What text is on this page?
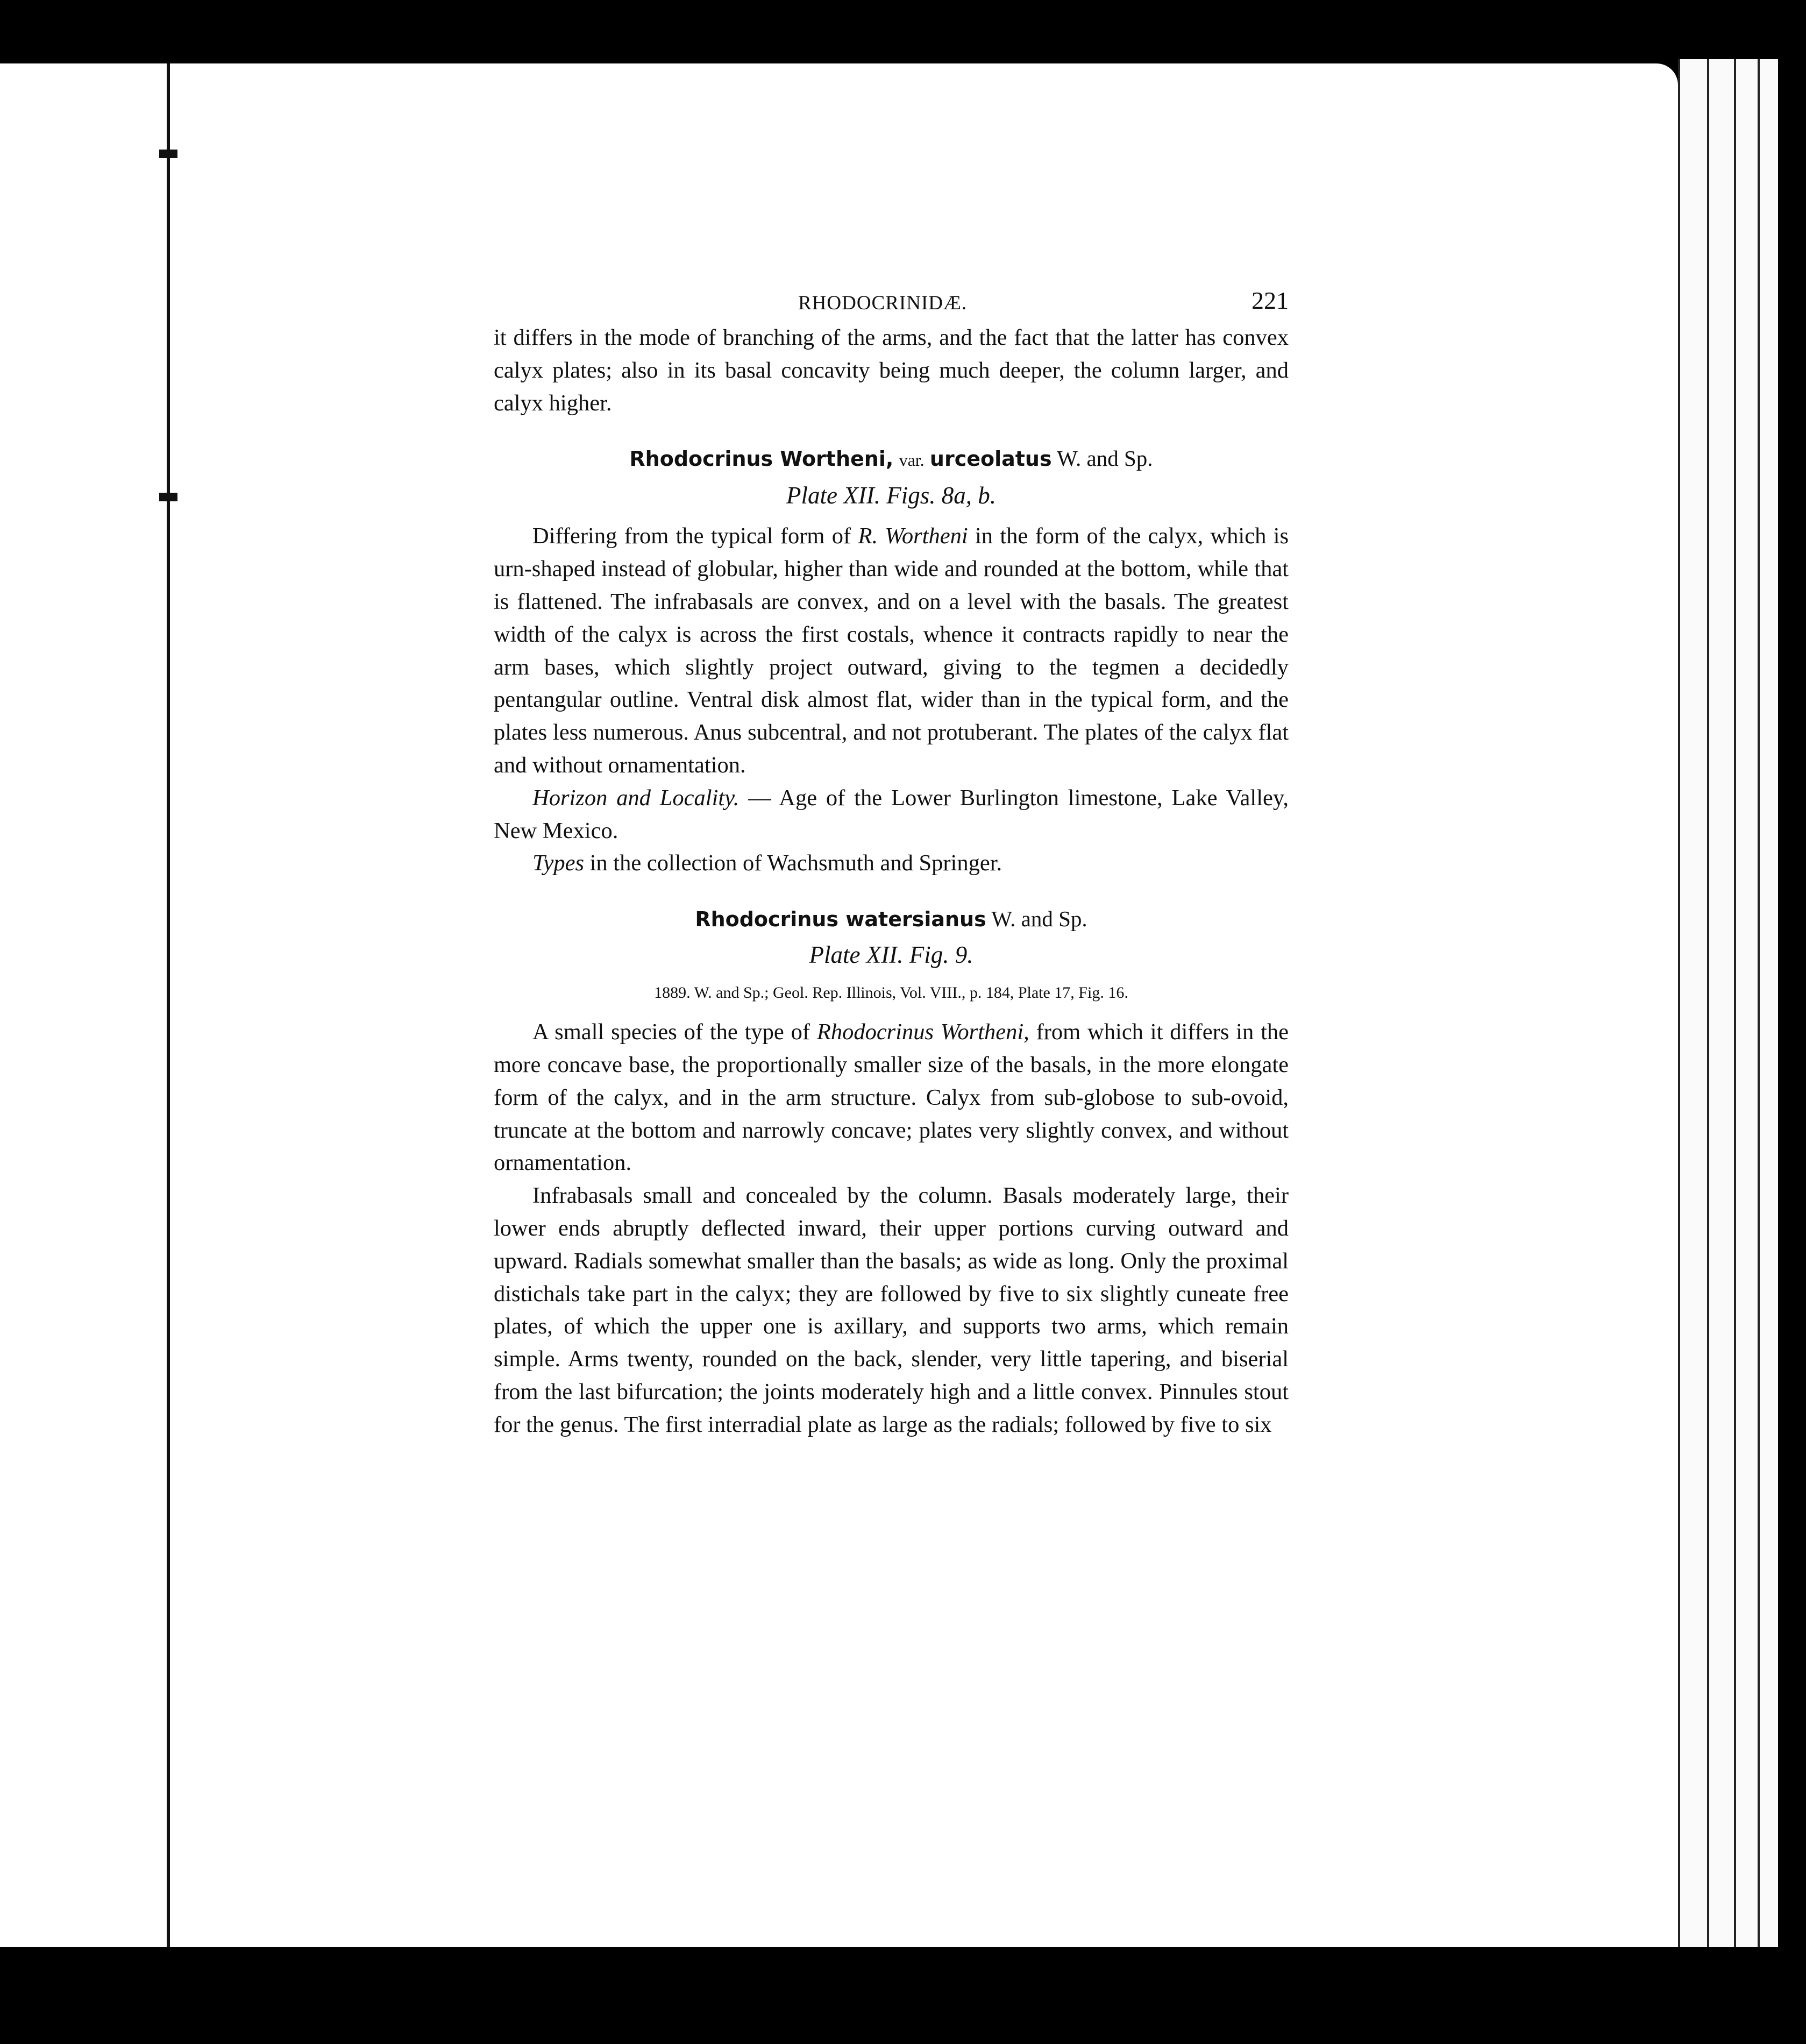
RHODOCRINIDÆ.	221

it differs in the mode of branching of the arms, and the fact that the latter has convex calyx plates; also in its basal concavity being much deeper, the column larger, and calyx higher.

Rhodocrinus Wortheni, var. urceolatus W. and Sp.
Plate XII. Figs. 8a, b.

Differing from the typical form of R. Wortheni in the form of the calyx, which is urn-shaped instead of globular, higher than wide and rounded at the bottom, while that is flattened. The infrabasals are convex, and on a level with the basals. The greatest width of the calyx is across the first costals, whence it contracts rapidly to near the arm bases, which slightly project outward, giving to the tegmen a decidedly pentangular outline. Ventral disk almost flat, wider than in the typical form, and the plates less numerous. Anus subcentral, and not protuberant. The plates of the calyx flat and without ornamentation.

Horizon and Locality. — Age of the Lower Burlington limestone, Lake Valley, New Mexico.

Types in the collection of Wachsmuth and Springer.

Rhodocrinus watersianus W. and Sp.
Plate XII. Fig. 9.
1889. W. and Sp.; Geol. Rep. Illinois, Vol. VIII., p. 184, Plate 17, Fig. 16.

A small species of the type of Rhodocrinus Wortheni, from which it differs in the more concave base, the proportionally smaller size of the basals, in the more elongate form of the calyx, and in the arm structure. Calyx from sub-globose to sub-ovoid, truncate at the bottom and narrowly concave; plates very slightly convex, and without ornamentation.

Infrabasals small and concealed by the column. Basals moderately large, their lower ends abruptly deflected inward, their upper portions curving outward and upward. Radials somewhat smaller than the basals; as wide as long. Only the proximal distichals take part in the calyx; they are followed by five to six slightly cuneate free plates, of which the upper one is axillary, and supports two arms, which remain simple. Arms twenty, rounded on the back, slender, very little tapering, and biserial from the last bifurcation; the joints moderately high and a little convex. Pinnules stout for the genus. The first interradial plate as large as the radials; followed by five to six
